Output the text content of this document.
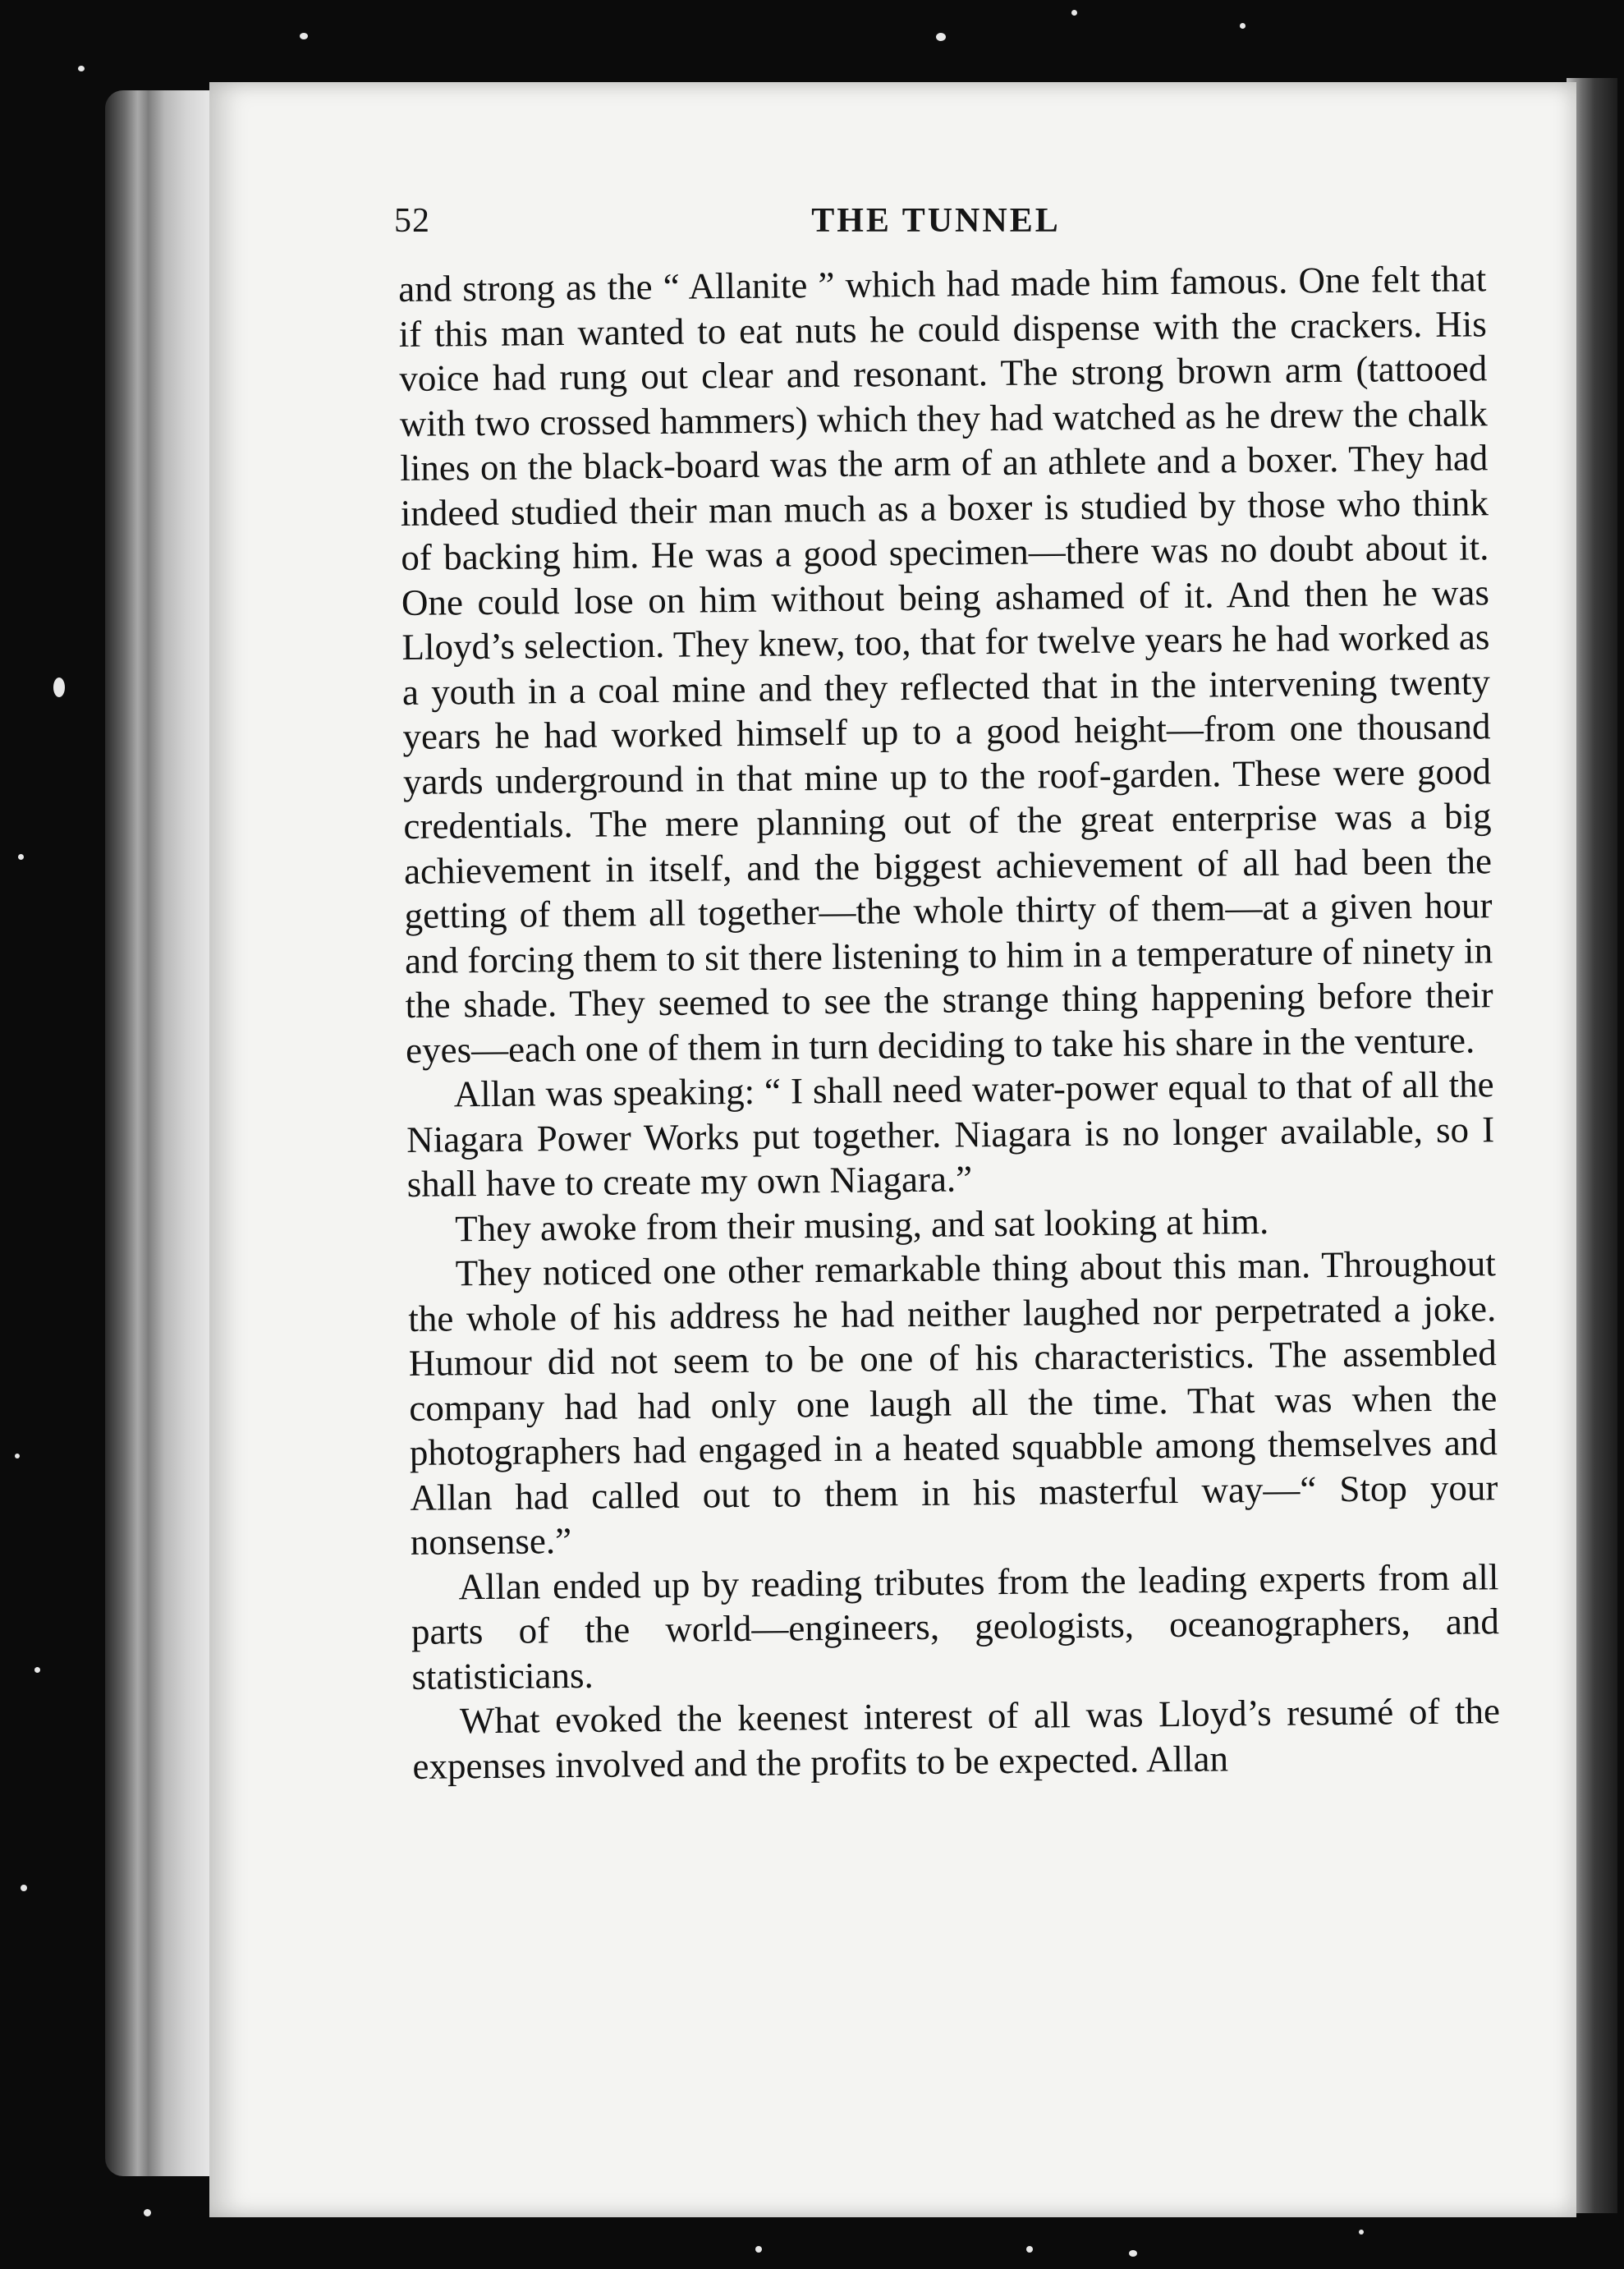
52	THE TUNNEL

and strong as the “ Allanite ” which had made him famous. One felt that if this man wanted to eat nuts he could dispense with the crackers. His voice had rung out clear and resonant. The strong brown arm (tattooed with two crossed hammers) which they had watched as he drew the chalk lines on the black-board was the arm of an athlete and a boxer. They had indeed studied their man much as a boxer is studied by those who think of backing him. He was a good specimen—there was no doubt about it. One could lose on him without being ashamed of it. And then he was Lloyd’s selection. They knew, too, that for twelve years he had worked as a youth in a coal mine and they reflected that in the intervening twenty years he had worked himself up to a good height—from one thousand yards underground in that mine up to the roof-garden. These were good credentials. The mere planning out of the great enterprise was a big achievement in itself, and the biggest achievement of all had been the getting of them all together—the whole thirty of them—at a given hour and forcing them to sit there listening to him in a temperature of ninety in the shade. They seemed to see the strange thing happening before their eyes—each one of them in turn deciding to take his share in the venture.

Allan was speaking: “ I shall need water-power equal to that of all the Niagara Power Works put together. Niagara is no longer available, so I shall have to create my own Niagara.”

They awoke from their musing, and sat looking at him.

They noticed one other remarkable thing about this man. Throughout the whole of his address he had neither laughed nor perpetrated a joke. Humour did not seem to be one of his characteristics. The assembled company had had only one laugh all the time. That was when the photographers had engaged in a heated squabble among themselves and Allan had called out to them in his masterful way—“ Stop your nonsense.”

Allan ended up by reading tributes from the leading experts from all parts of the world—engineers, geologists, oceanographers, and statisticians.

What evoked the keenest interest of all was Lloyd’s resumé of the expenses involved and the profits to be expected. Allan
